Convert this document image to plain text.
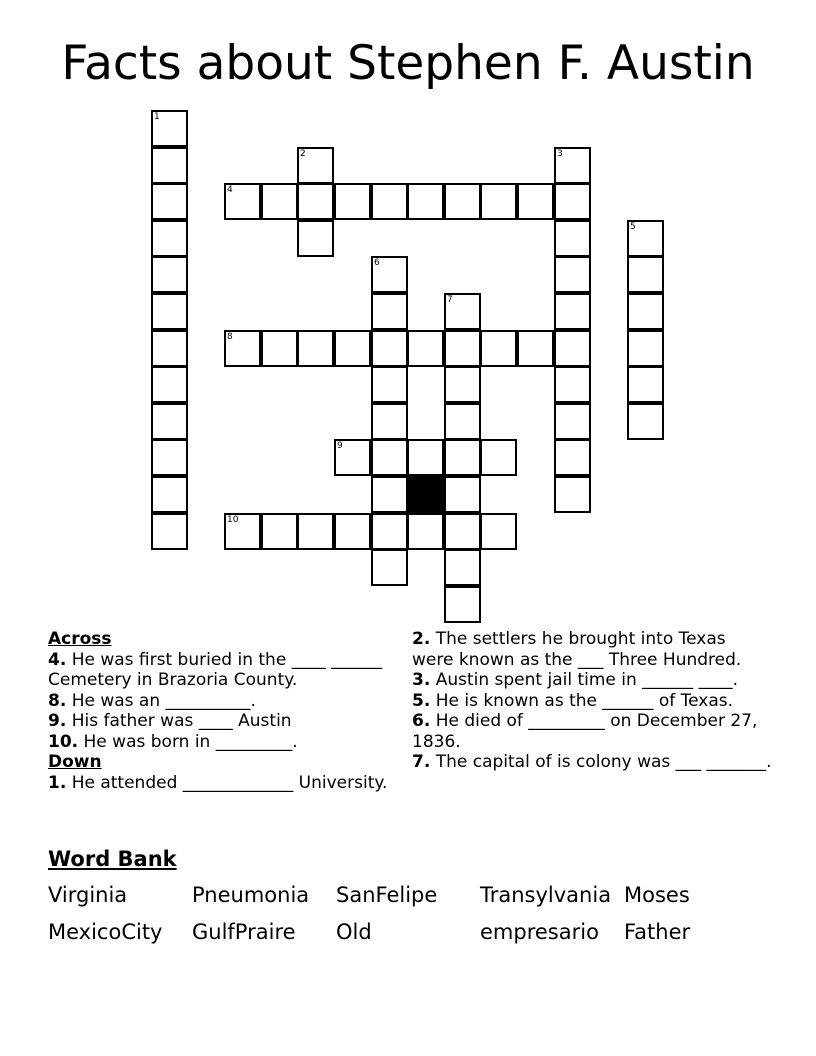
Facts about Stephen F. Austin
1
2	3
4
5
6
7
8
9
10
Across
4. He was first buried in the ____ ______ Cemetery in Brazoria County.
8. He was an __________.
9. His father was ____ Austin
10. He was born in _________.
Down
1. He attended _____________ University.
2. The settlers he brought into Texas were known as the ___ Three Hundred.
3. Austin spent jail time in ______ ____.
5. He is known as the ______ of Texas.
6. He died of _________ on December 27, 1836.
7. The capital of is colony was ___ _______.
Word Bank
Virginia	Pneumonia SanFelipe Transylvania Moses
MexicoCity GulfPraire Old	empresario Father
